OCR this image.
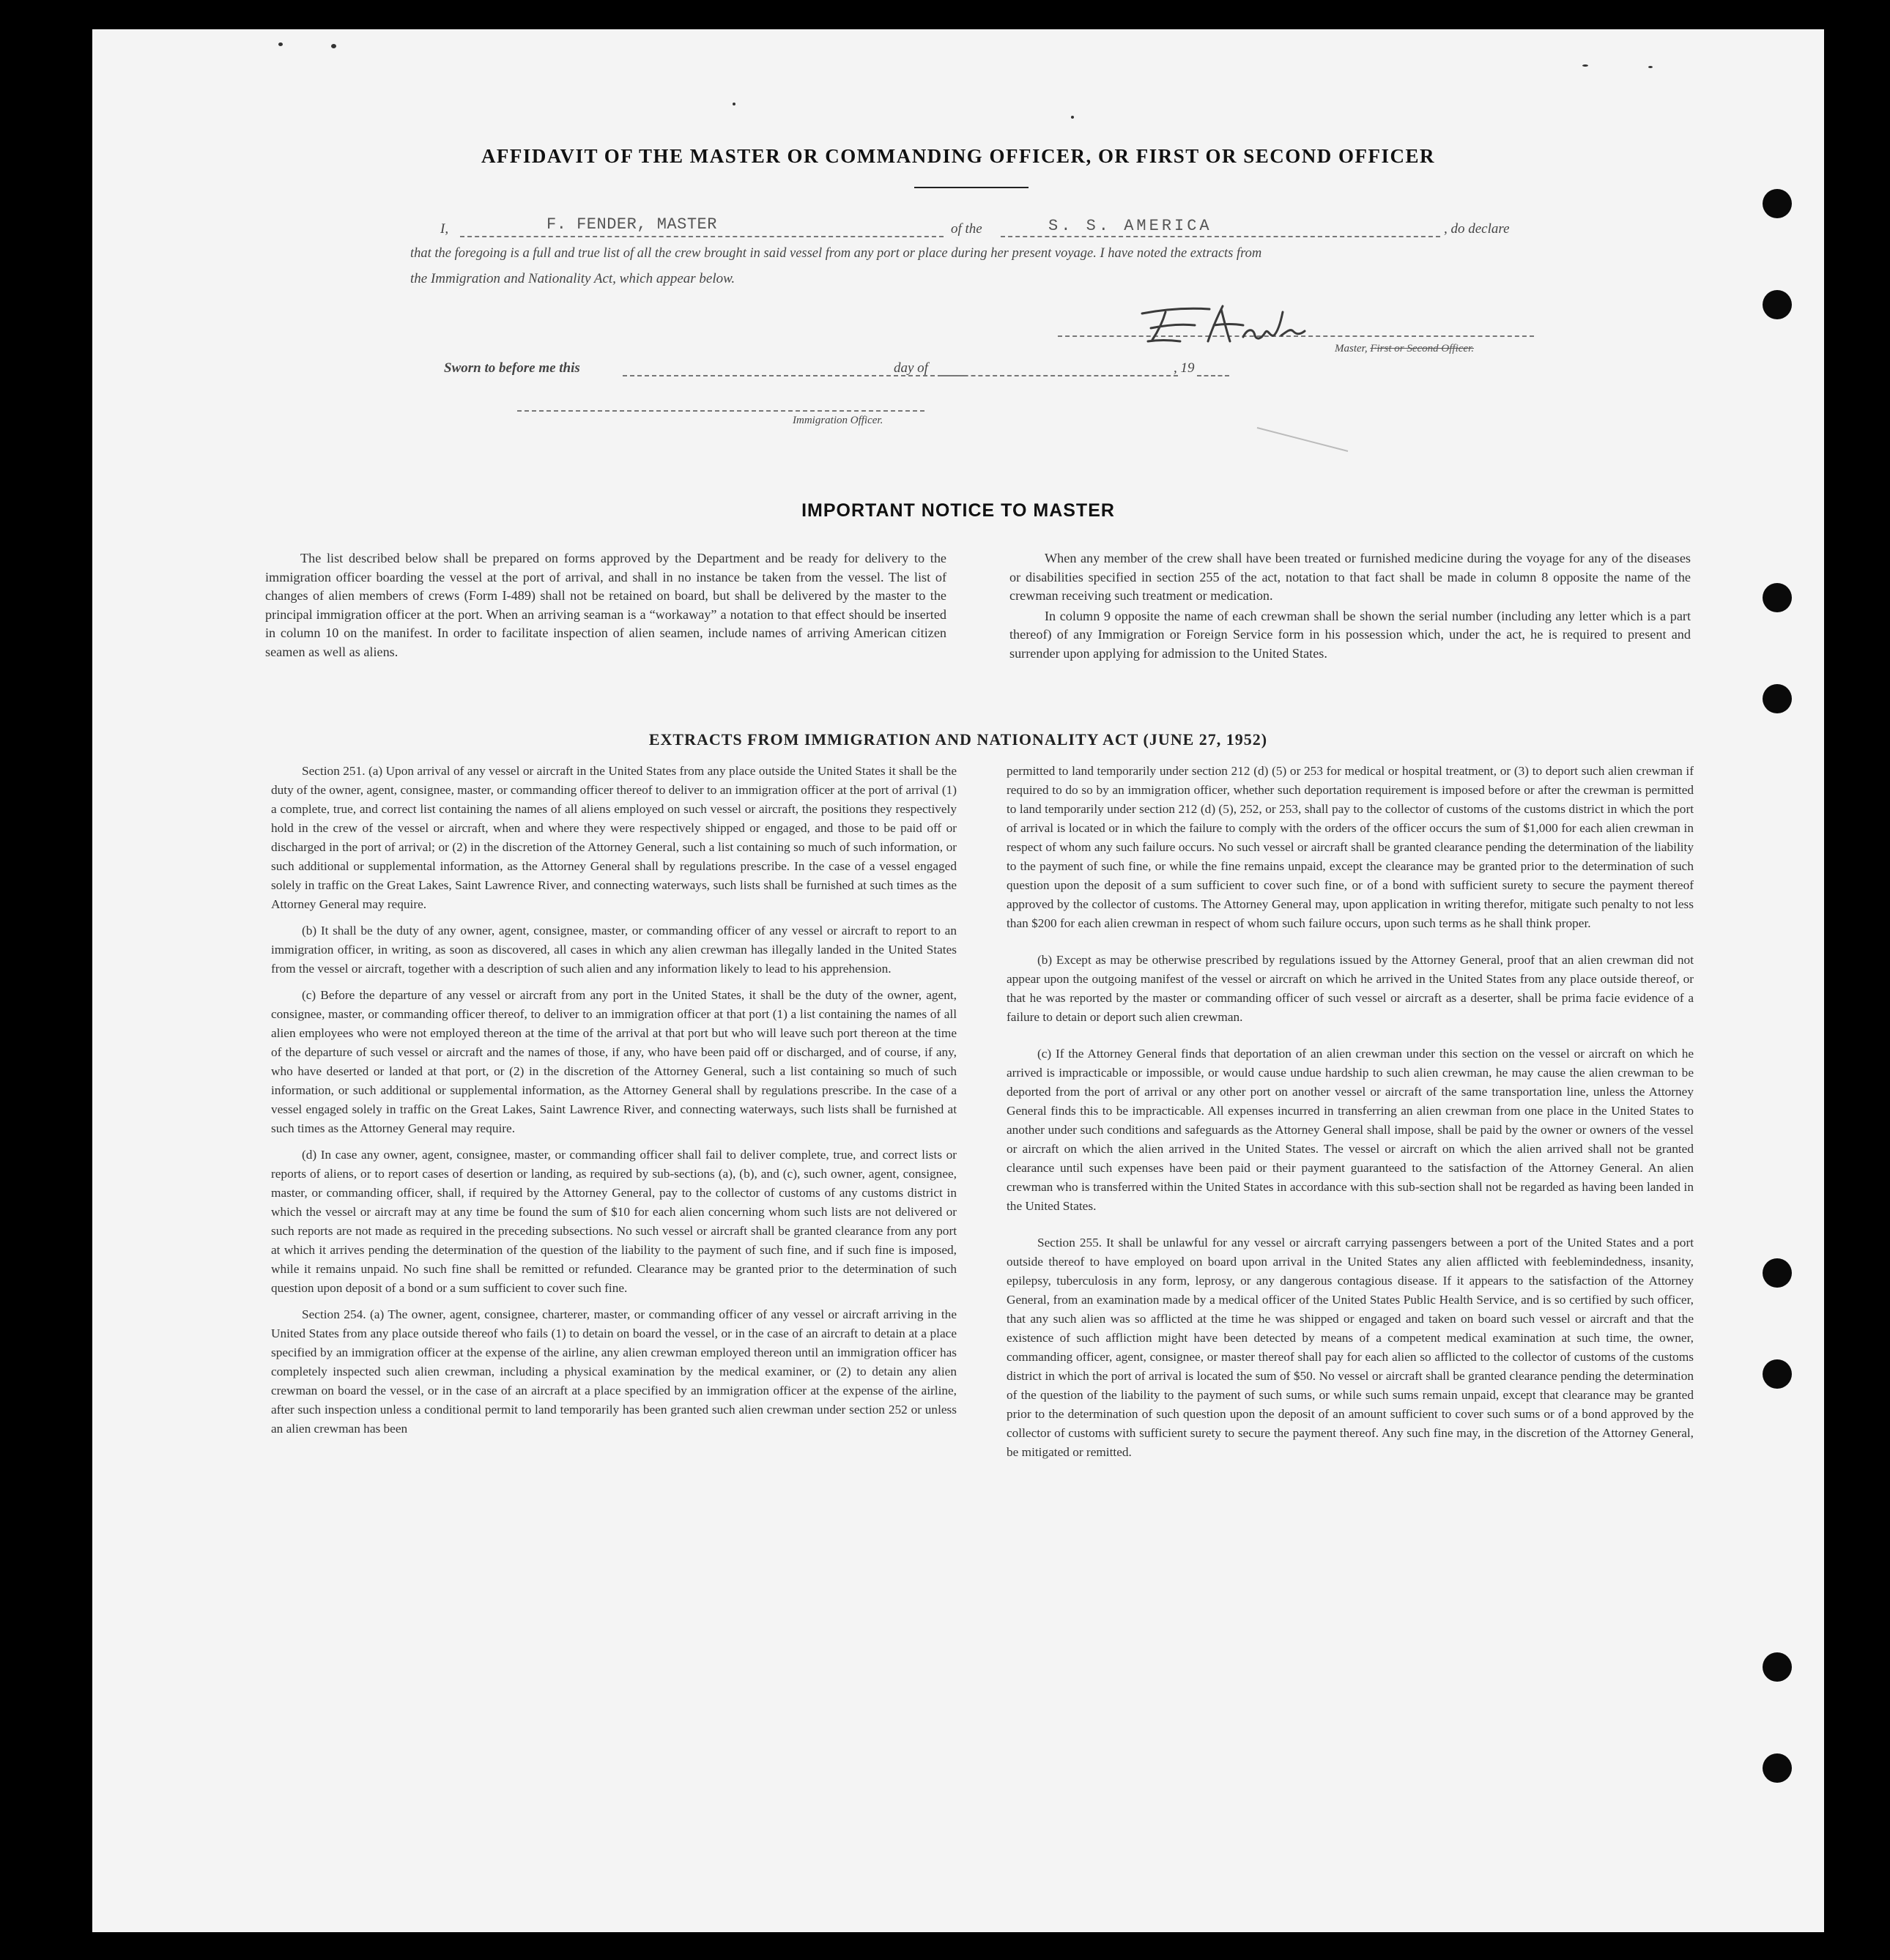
AFFIDAVIT OF THE MASTER OR COMMANDING OFFICER, OR FIRST OR SECOND OFFICER
I,	F. FENDER, MASTER	of the	S. S. AMERICA	, do declare
that the foregoing is a full and true list of all the crew brought in said vessel from any port or place during her present voyage. I have noted the extracts from
the Immigration and Nationality Act, which appear below.
Master, First or Second Officer.
Sworn to before me this	day of	, 19
Immigration Officer.
IMPORTANT NOTICE TO MASTER

The list described below shall be prepared on forms approved by the Department and be ready for delivery to the immigration officer boarding the vessel at the port of arrival, and shall in no instance be taken from the vessel. The list of changes of alien members of crews (Form I-489) shall not be retained on board, but shall be delivered by the master to the principal immigration officer at the port. When an arriving seaman is a “workaway” a notation to that effect should be inserted in column 10 on the manifest. In order to facilitate inspection of alien seamen, include names of arriving American citizen seamen as well as aliens.

When any member of the crew shall have been treated or furnished medicine during the voyage for any of the diseases or disabilities specified in section 255 of the act, notation to that fact shall be made in column 8 opposite the name of the crewman receiving such treatment or medication.

In column 9 opposite the name of each crewman shall be shown the serial number (including any letter which is a part thereof) of any Immigration or Foreign Service form in his possession which, under the act, he is required to present and surrender upon applying for admission to the United States.

EXTRACTS FROM IMMIGRATION AND NATIONALITY ACT (JUNE 27, 1952)

Section 251. (a) Upon arrival of any vessel or aircraft in the United States from any place outside the United States it shall be the duty of the owner, agent, consignee, master, or commanding officer thereof to deliver to an immigration officer at the port of arrival (1) a complete, true, and correct list containing the names of all aliens employed on such vessel or aircraft, the positions they respectively hold in the crew of the vessel or aircraft, when and where they were respectively shipped or engaged, and those to be paid off or discharged in the port of arrival; or (2) in the discretion of the Attorney General, such a list containing so much of such information, or such additional or supplemental information, as the Attorney General shall by regulations prescribe. In the case of a vessel engaged solely in traffic on the Great Lakes, Saint Lawrence River, and connecting waterways, such lists shall be furnished at such times as the Attorney General may require.

(b) It shall be the duty of any owner, agent, consignee, master, or commanding officer of any vessel or aircraft to report to an immigration officer, in writing, as soon as discovered, all cases in which any alien crewman has illegally landed in the United States from the vessel or aircraft, together with a description of such alien and any information likely to lead to his apprehension.

(c) Before the departure of any vessel or aircraft from any port in the United States, it shall be the duty of the owner, agent, consignee, master, or commanding officer thereof, to deliver to an immigration officer at that port (1) a list containing the names of all alien employees who were not employed thereon at the time of the arrival at that port but who will leave such port thereon at the time of the departure of such vessel or aircraft and the names of those, if any, who have been paid off or discharged, and of course, if any, who have deserted or landed at that port, or (2) in the discretion of the Attorney General, such a list containing so much of such information, or such additional or supplemental information, as the Attorney General shall by regulations prescribe. In the case of a vessel engaged solely in traffic on the Great Lakes, Saint Lawrence River, and connecting waterways, such lists shall be furnished at such times as the Attorney General may require.

(d) In case any owner, agent, consignee, master, or commanding officer shall fail to deliver complete, true, and correct lists or reports of aliens, or to report cases of desertion or landing, as required by sub-sections (a), (b), and (c), such owner, agent, consignee, master, or commanding officer, shall, if required by the Attorney General, pay to the collector of customs of any customs district in which the vessel or aircraft may at any time be found the sum of $10 for each alien concerning whom such lists are not delivered or such reports are not made as required in the preceding subsections. No such vessel or aircraft shall be granted clearance from any port at which it arrives pending the determination of the question of the liability to the payment of such fine, and if such fine is imposed, while it remains unpaid. No such fine shall be remitted or refunded. Clearance may be granted prior to the determination of such question upon deposit of a bond or a sum sufficient to cover such fine.

Section 254. (a) The owner, agent, consignee, charterer, master, or commanding officer of any vessel or aircraft arriving in the United States from any place outside thereof who fails (1) to detain on board the vessel, or in the case of an aircraft to detain at a place specified by an immigration officer at the expense of the airline, any alien crewman employed thereon until an immigration officer has completely inspected such alien crewman, including a physical examination by the medical examiner, or (2) to detain any alien crewman on board the vessel, or in the case of an aircraft at a place specified by an immigration officer at the expense of the airline, after such inspection unless a conditional permit to land temporarily has been granted such alien crewman under section 252 or unless an alien crewman has been

permitted to land temporarily under section 212 (d) (5) or 253 for medical or hospital treatment, or (3) to deport such alien crewman if required to do so by an immigration officer, whether such deportation requirement is imposed before or after the crewman is permitted to land temporarily under section 212 (d) (5), 252, or 253, shall pay to the collector of customs of the customs district in which the port of arrival is located or in which the failure to comply with the orders of the officer occurs the sum of $1,000 for each alien crewman in respect of whom any such failure occurs. No such vessel or aircraft shall be granted clearance pending the determination of the liability to the payment of such fine, or while the fine remains unpaid, except the clearance may be granted prior to the determination of such question upon the deposit of a sum sufficient to cover such fine, or of a bond with sufficient surety to secure the payment thereof approved by the collector of customs. The Attorney General may, upon application in writing therefor, mitigate such penalty to not less than $200 for each alien crewman in respect of whom such failure occurs, upon such terms as he shall think proper.

(b) Except as may be otherwise prescribed by regulations issued by the Attorney General, proof that an alien crewman did not appear upon the outgoing manifest of the vessel or aircraft on which he arrived in the United States from any place outside thereof, or that he was reported by the master or commanding officer of such vessel or aircraft as a deserter, shall be prima facie evidence of a failure to detain or deport such alien crewman.

(c) If the Attorney General finds that deportation of an alien crewman under this section on the vessel or aircraft on which he arrived is impracticable or impossible, or would cause undue hardship to such alien crewman, he may cause the alien crewman to be deported from the port of arrival or any other port on another vessel or aircraft of the same transportation line, unless the Attorney General finds this to be impracticable. All expenses incurred in transferring an alien crewman from one place in the United States to another under such conditions and safeguards as the Attorney General shall impose, shall be paid by the owner or owners of the vessel or aircraft on which the alien arrived in the United States. The vessel or aircraft on which the alien arrived shall not be granted clearance until such expenses have been paid or their payment guaranteed to the satisfaction of the Attorney General. An alien crewman who is transferred within the United States in accordance with this sub-section shall not be regarded as having been landed in the United States.

Section 255. It shall be unlawful for any vessel or aircraft carrying passengers between a port of the United States and a port outside thereof to have employed on board upon arrival in the United States any alien afflicted with feeblemindedness, insanity, epilepsy, tuberculosis in any form, leprosy, or any dangerous contagious disease. If it appears to the satisfaction of the Attorney General, from an examination made by a medical officer of the United States Public Health Service, and is so certified by such officer, that any such alien was so afflicted at the time he was shipped or engaged and taken on board such vessel or aircraft and that the existence of such affliction might have been detected by means of a competent medical examination at such time, the owner, commanding officer, agent, consignee, or master thereof shall pay for each alien so afflicted to the collector of customs of the customs district in which the port of arrival is located the sum of $50. No vessel or aircraft shall be granted clearance pending the determination of the question of the liability to the payment of such sums, or while such sums remain unpaid, except that clearance may be granted prior to the determination of such question upon the deposit of an amount sufficient to cover such sums or of a bond approved by the collector of customs with sufficient surety to secure the payment thereof. Any such fine may, in the discretion of the Attorney General, be mitigated or remitted.
